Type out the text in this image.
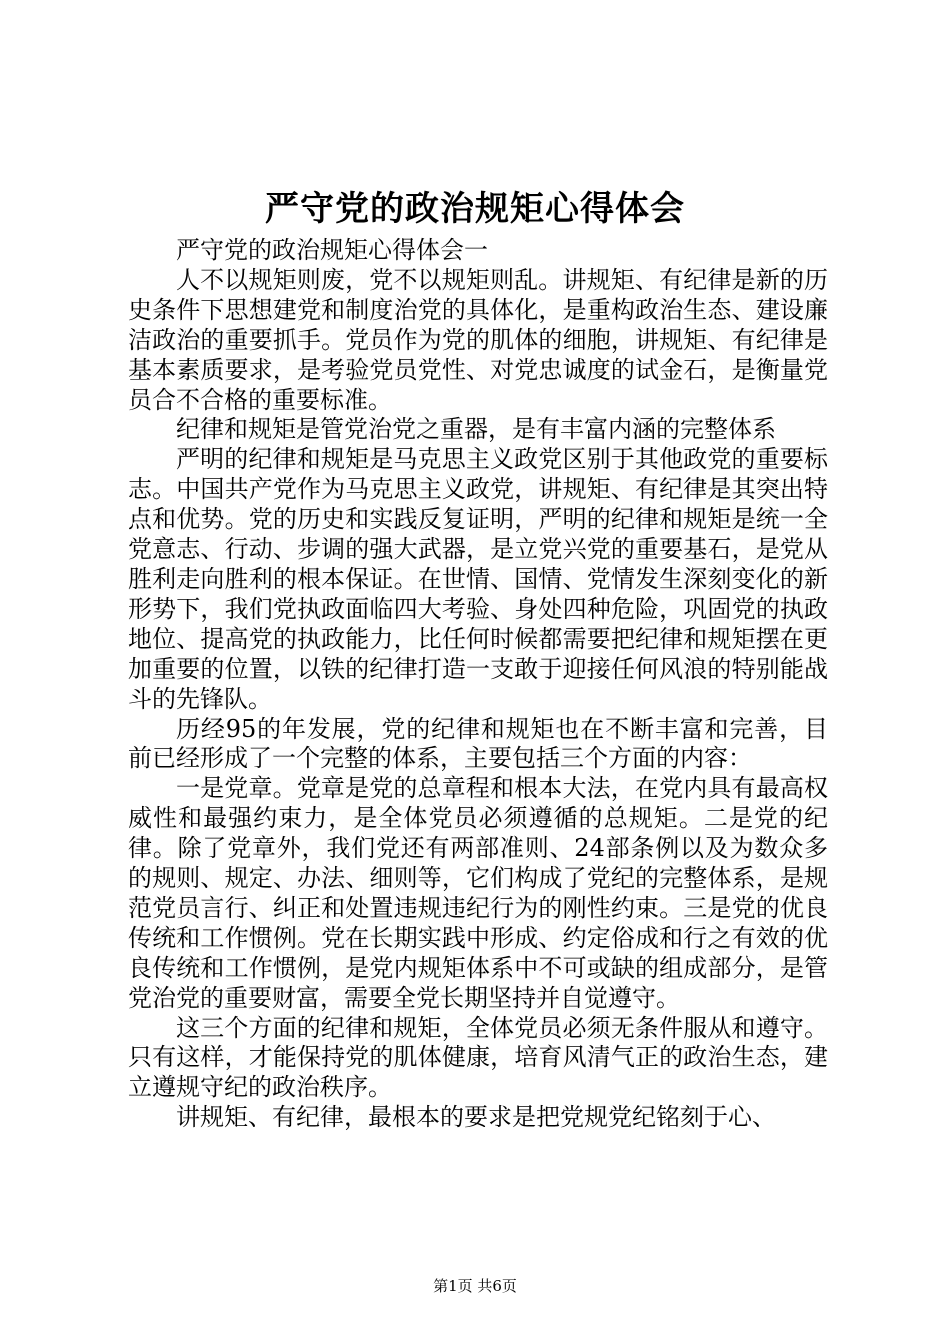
严守党的政治规矩心得体会

严守党的政治规矩心得体会一

人不以规矩则废，党不以规矩则乱。讲规矩、有纪律是新的历史条件下思想建党和制度治党的具体化，是重构政治生态、建设廉洁政治的重要抓手。党员作为党的肌体的细胞，讲规矩、有纪律是基本素质要求，是考验党员党性、对党忠诚度的试金石，是衡量党员合不合格的重要标准。

纪律和规矩是管党治党之重器，是有丰富内涵的完整体系

严明的纪律和规矩是马克思主义政党区别于其他政党的重要标志。中国共产党作为马克思主义政党，讲规矩、有纪律是其突出特点和优势。党的历史和实践反复证明，严明的纪律和规矩是统一全党意志、行动、步调的强大武器，是立党兴党的重要基石，是党从胜利走向胜利的根本保证。在世情、国情、党情发生深刻变化的新形势下，我们党执政面临四大考验、身处四种危险，巩固党的执政地位、提高党的执政能力，比任何时候都需要把纪律和规矩摆在更加重要的位置，以铁的纪律打造一支敢于迎接任何风浪的特别能战斗的先锋队。

历经95的年发展，党的纪律和规矩也在不断丰富和完善，目前已经形成了一个完整的体系，主要包括三个方面的内容：

一是党章。党章是党的总章程和根本大法，在党内具有最高权威性和最强约束力，是全体党员必须遵循的总规矩。二是党的纪律。除了党章外，我们党还有两部准则、24部条例以及为数众多的规则、规定、办法、细则等，它们构成了党纪的完整体系，是规范党员言行、纠正和处置违规违纪行为的刚性约束。三是党的优良传统和工作惯例。党在长期实践中形成、约定俗成和行之有效的优良传统和工作惯例，是党内规矩体系中不可或缺的组成部分，是管党治党的重要财富，需要全党长期坚持并自觉遵守。

这三个方面的纪律和规矩，全体党员必须无条件服从和遵守。只有这样，才能保持党的肌体健康，培育风清气正的政治生态，建立遵规守纪的政治秩序。

讲规矩、有纪律，最根本的要求是把党规党纪铭刻于心、

第1页 共6页
